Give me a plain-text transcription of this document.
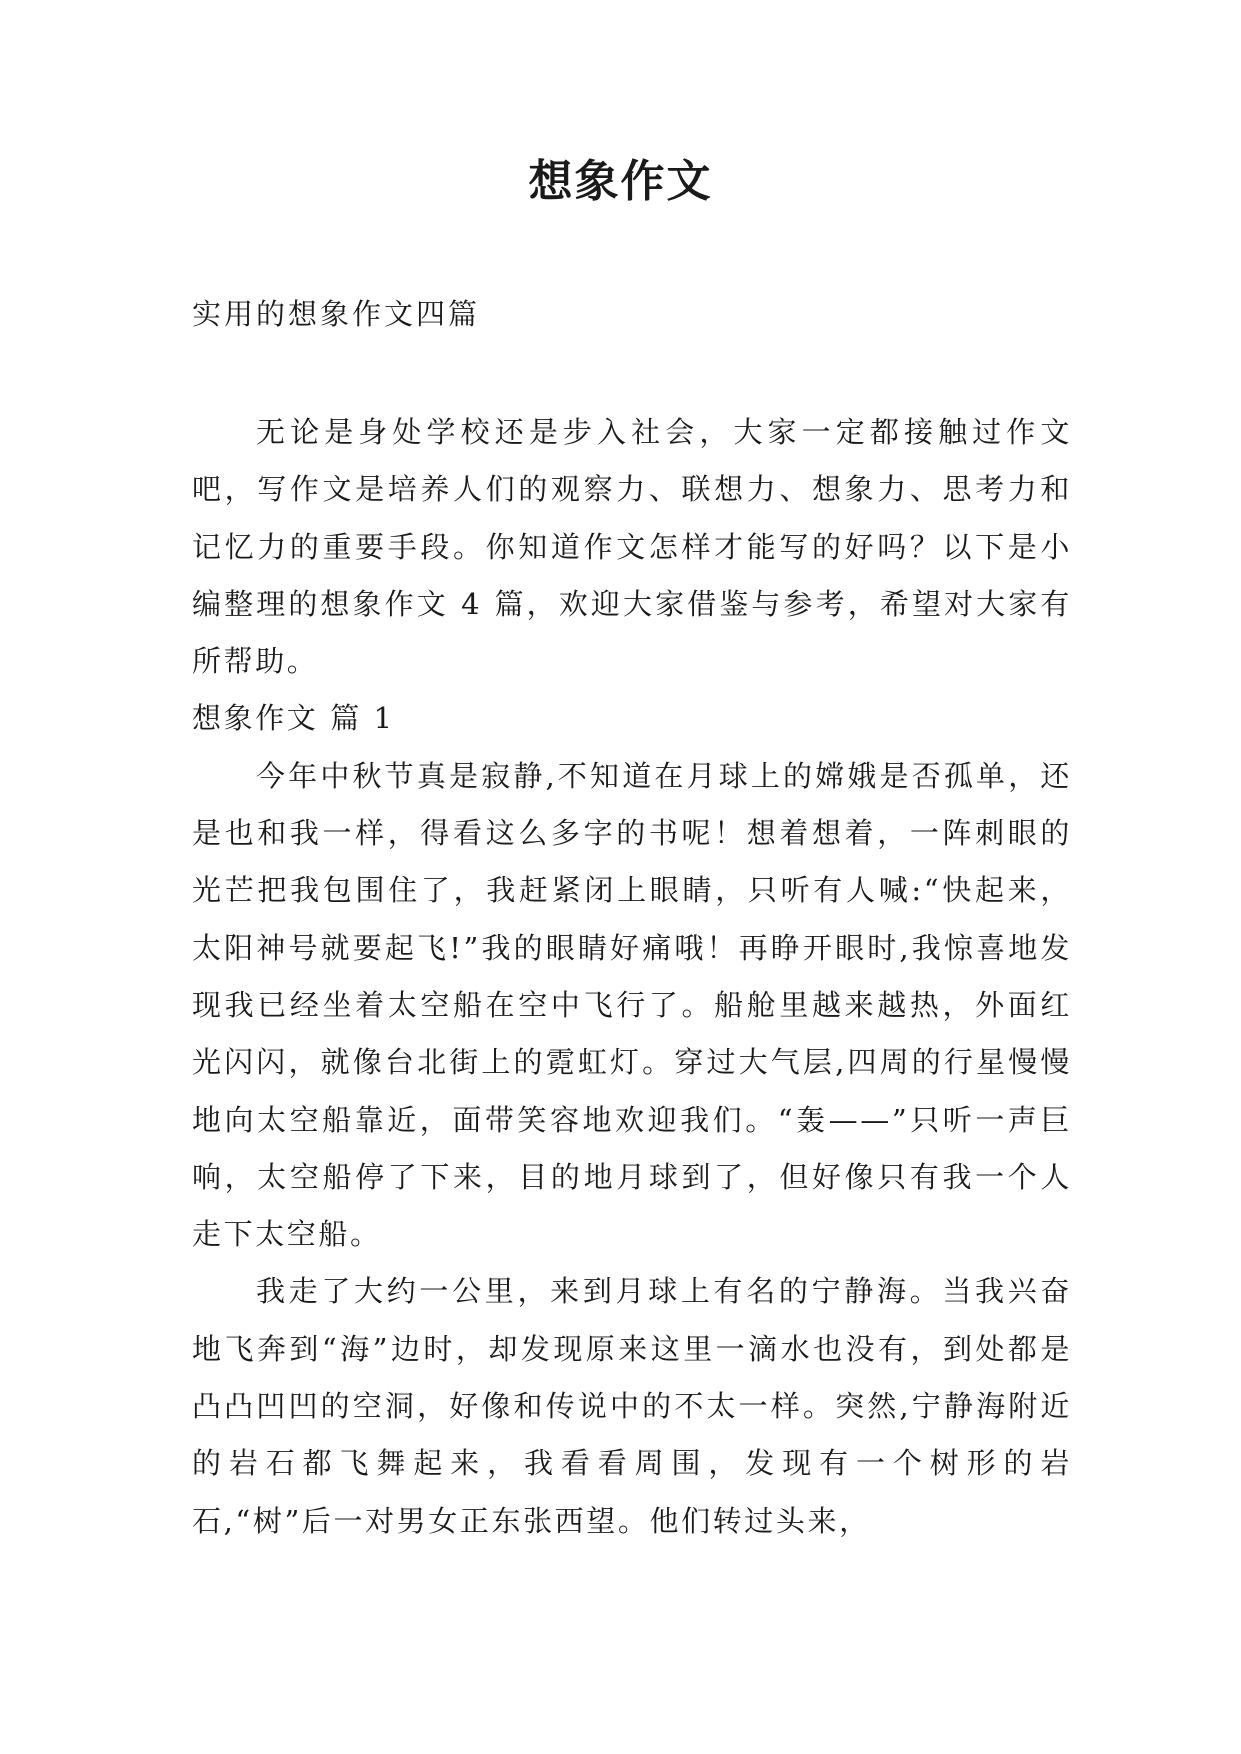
想象作文

实用的想象作文四篇

无论是身处学校还是步入社会，大家一定都接触过作文吧，写作文是培养人们的观察力、联想力、想象力、思考力和记忆力的重要手段。你知道作文怎样才能写的好吗？以下是小编整理的想象作文 4 篇，欢迎大家借鉴与参考，希望对大家有所帮助。

想象作文 篇 1

今年中秋节真是寂静,不知道在月球上的嫦娥是否孤单，还是也和我一样，得看这么多字的书呢！想着想着，一阵刺眼的光芒把我包围住了，我赶紧闭上眼睛，只听有人喊:“快起来，太阳神号就要起飞!”我的眼睛好痛哦！再睁开眼时,我惊喜地发现我已经坐着太空船在空中飞行了。船舱里越来越热，外面红光闪闪，就像台北街上的霓虹灯。穿过大气层,四周的行星慢慢地向太空船靠近，面带笑容地欢迎我们。“轰——”只听一声巨响，太空船停了下来，目的地月球到了，但好像只有我一个人走下太空船。

我走了大约一公里，来到月球上有名的宁静海。当我兴奋地飞奔到“海”边时，却发现原来这里一滴水也没有，到处都是凸凸凹凹的空洞，好像和传说中的不太一样。突然,宁静海附近的岩石都飞舞起来，我看看周围，发现有一个树形的岩石,“树”后一对男女正东张西望。他们转过头来，
